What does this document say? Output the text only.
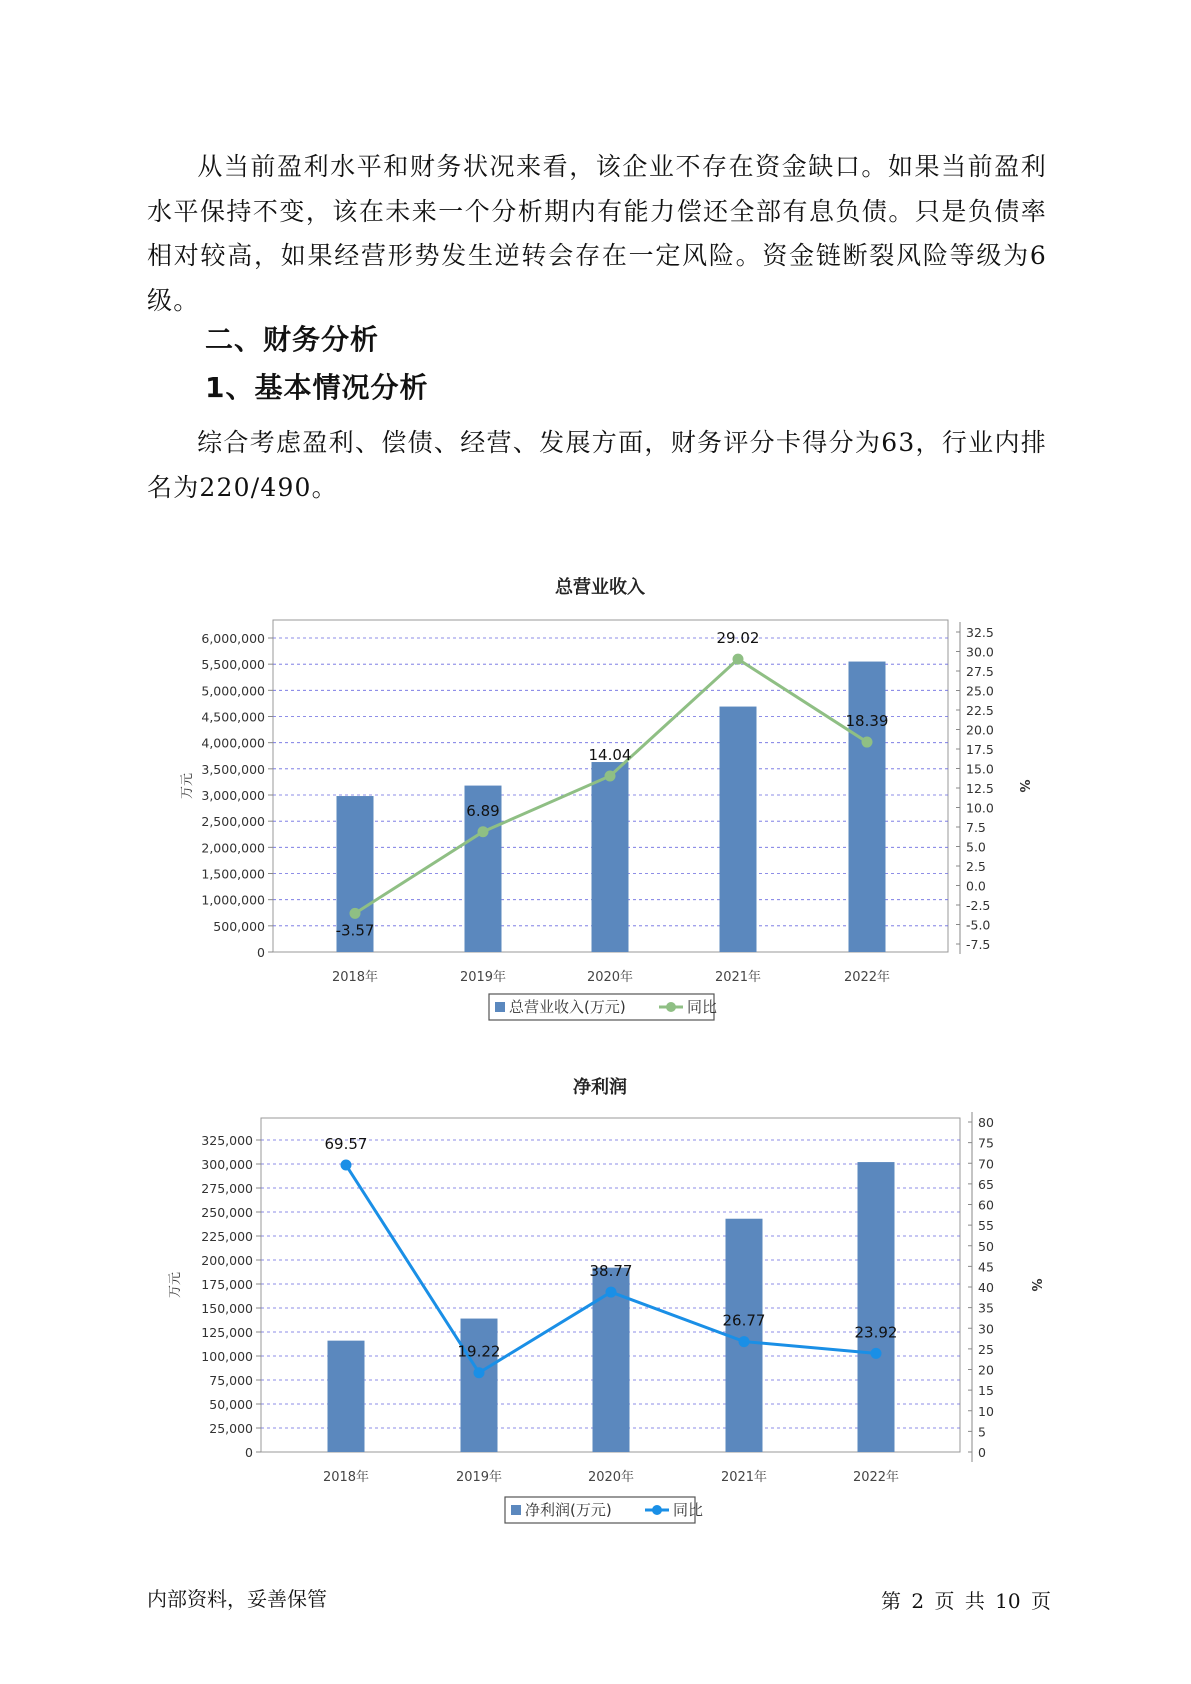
从当前盈利水平和财务状况来看，该企业不存在资金缺口。如果当前盈利水平保持不变，该在未来一个分析期内有能力偿还全部有息负债。只是负债率相对较高，如果经营形势发生逆转会存在一定风险。资金链断裂风险等级为6级。

二、财务分析
1、基本情况分析

综合考虑盈利、偿债、经营、发展方面，财务评分卡得分为63，行业内排名为220/490。

总营业收入
0
500,000
1,000,000
1,500,000
2,000,000
2,500,000
3,000,000
3,500,000
4,000,000
4,500,000
5,000,000
5,500,000
6,000,000
万元
-7.5
-5.0
-2.5
0.0
2.5
5.0
7.5
10.0
12.5
15.0
17.5
20.0
22.5
25.0
27.5
30.0
32.5
%
2018年	2019年	2020年	2021年	2022年
-3.57
6.89
14.04
29.02
18.39
总营业收入(万元)	同比
净利润
0
25,000
50,000
75,000
100,000
125,000
150,000
175,000
200,000
225,000
250,000
275,000
300,000
325,000
万元
0
5
10
15
20
25
30
35
40
45
50
55
60
65
70
75
80
%
2018年	2019年	2020年	2021年	2022年
69.57
19.22
38.77
26.77
23.92
净利润(万元)	同比
内部资料，妥善保管	第 2 页 共 10 页
